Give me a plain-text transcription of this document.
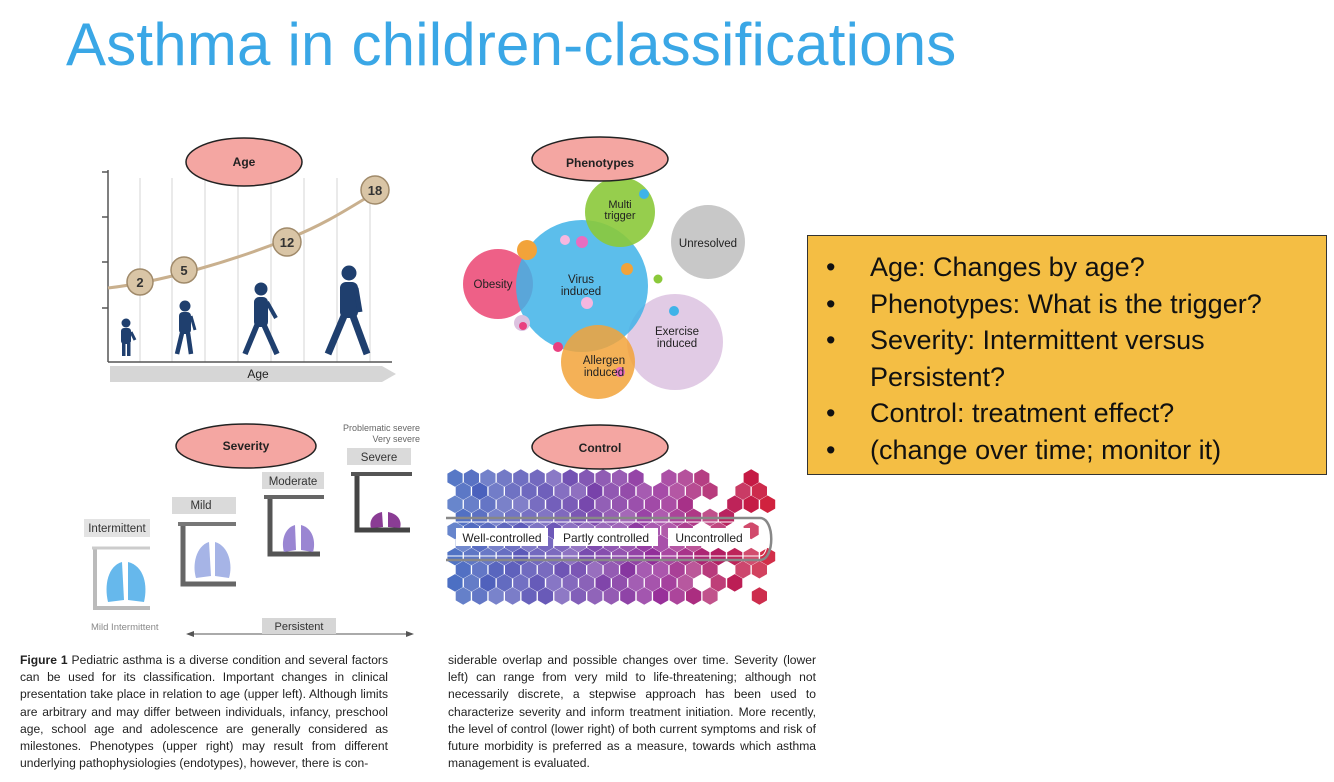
Asthma in children-classifications
Age
2
5
12
18
Age
Multi
trigger
Unresolved
Obesity	Virus
induced
Exercise
induced
Allergen
induced
Phenotypes
Severity
Problematic severe
Very severe
Intermittent
Mild
Moderate
Severe
Mild Intermittent	Persistent
Well-controlled Partly controlled Uncontrolled
Control
• Age: Changes by age?
• Phenotypes: What is the trigger?
• Severity: Intermittent versus Persistent?
• Control: treatment effect?
• (change over time; monitor it)
Figure 1 Pediatric asthma is a diverse condition and several factors can be used for its classification. Important changes in clinical presentation take place in relation to age (upper left). Although limits are arbitrary and may differ between individuals, infancy, preschool age, school age and adolescence are generally considered as milestones. Phenotypes (upper right) may result from different underlying pathophysiologies (endotypes), however, there is con-
siderable overlap and possible changes over time. Severity (lower left) can range from very mild to life-threatening; although not necessarily discrete, a stepwise approach has been used to characterize severity and inform treatment initiation. More recently, the level of control (lower right) of both current symptoms and risk of future morbidity is preferred as a measure, towards which asthma management is evaluated.
